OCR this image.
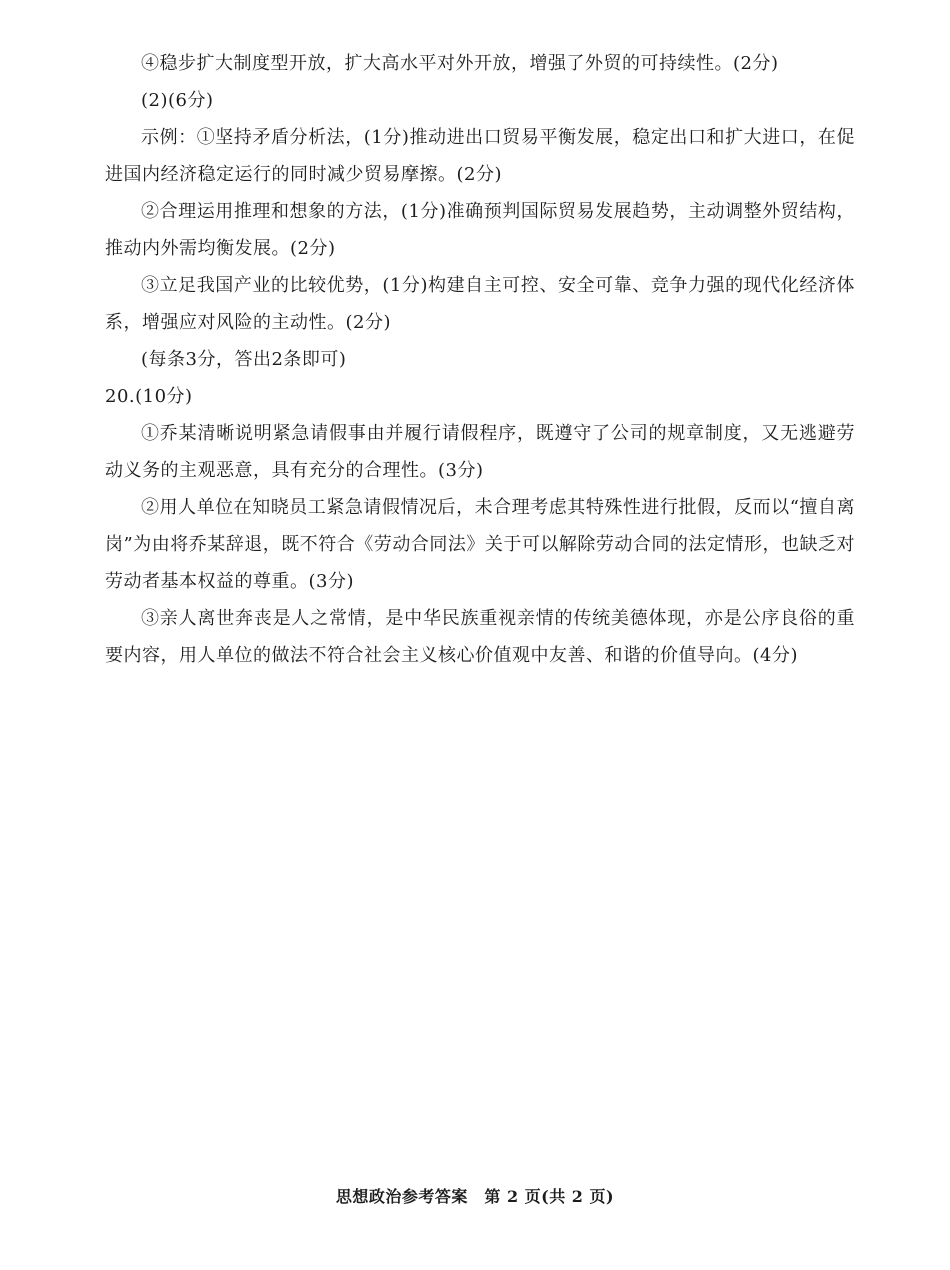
④稳步扩大制度型开放，扩大高水平对外开放，增强了外贸的可持续性。(2分)

(2)(6分)

示例：①坚持矛盾分析法，(1分)推动进出口贸易平衡发展，稳定出口和扩大进口，在促进国内经济稳定运行的同时减少贸易摩擦。(2分)

②合理运用推理和想象的方法，(1分)准确预判国际贸易发展趋势，主动调整外贸结构，推动内外需均衡发展。(2分)

③立足我国产业的比较优势，(1分)构建自主可控、安全可靠、竞争力强的现代化经济体系，增强应对风险的主动性。(2分)

(每条3分，答出2条即可)

20.(10分)

①乔某清晰说明紧急请假事由并履行请假程序，既遵守了公司的规章制度，又无逃避劳动义务的主观恶意，具有充分的合理性。(3分)

②用人单位在知晓员工紧急请假情况后，未合理考虑其特殊性进行批假，反而以“擅自离岗”为由将乔某辞退，既不符合《劳动合同法》关于可以解除劳动合同的法定情形，也缺乏对劳动者基本权益的尊重。(3分)

③亲人离世奔丧是人之常情，是中华民族重视亲情的传统美德体现，亦是公序良俗的重要内容，用人单位的做法不符合社会主义核心价值观中友善、和谐的价值导向。(4分)

思想政治参考答案　第 2 页(共 2 页)
